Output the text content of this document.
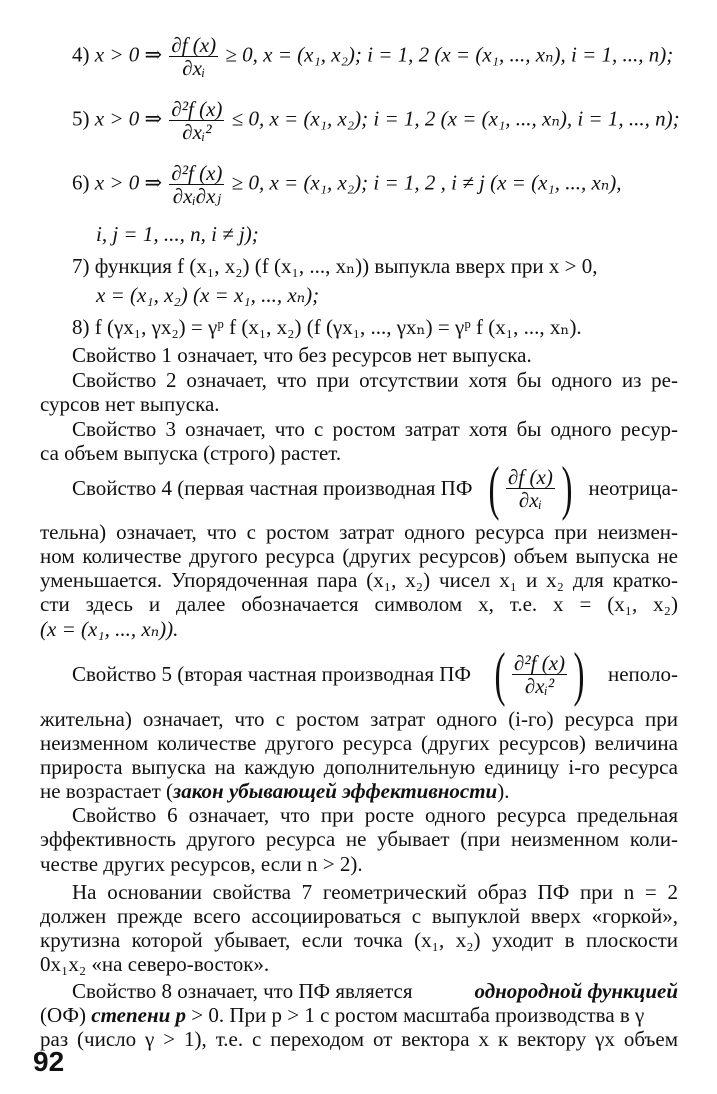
4) x > 0 ⇒ $\frac{\partial f (x)}{\text{∂xᵢ}} \ge 0$, x = (x₁, x₂); i = 1, 2 (x = (x₁, ..., xₙ), i = 1, ..., n);
5) x > 0 ⇒ $\frac{\text{∂²f (x)}}{\text{∂xᵢ²}} \le 0$, x = (x₁, x₂); i = 1, 2 (x = (x₁, ..., xₙ), i = 1, ..., n);
6) x > 0 ⇒ $\frac{\text{∂²f (x)}}{\text{∂xᵢ∂xⱼ}} \ge 0$, x = (x₁, x₂); i = 1, 2 , i ≠ j (x = (x₁, ..., xₙ),
i, j = 1, ..., n, i ≠ j);
7) функция f (x₁, x₂) (f (x₁, ..., xₙ)) выпукла вверх при x > 0,
x = (x₁, x₂) (x = x₁, ..., xₙ);
8) f (γx₁, γx₂) = γᵖ f (x₁, x₂) (f (γx₁, ..., γxₙ) = γᵖ f (x₁, ..., xₙ).
Свойство 1 означает, что без ресурсов нет выпуска.
Свойство 2 означает, что при отсутствии хотя бы одного из ре-
сурсов нет выпуска.
Свойство 3 означает, что с ростом затрат хотя бы одного ресур-
са объем выпуска (строго) растет.
Свойство 4 (первая частная производная ПФ ( $\frac{\partial f (x)}{\text{∂xᵢ}}$ ) неотрица-
тельна) означает, что с ростом затрат одного ресурса при неизмен-
ном количестве другого ресурса (других ресурсов) объем выпуска не
уменьшается. Упорядоченная пара (x₁, x₂) чисел x₁ и x₂ для кратко-
сти здесь и далее обозначается символом x, т.е. x = (x₁, x₂)
(x = (x₁, ..., xₙ)).
Свойство 5 (вторая частная производная ПФ ( $\frac{\text{∂²f (x)}}{\text{∂xᵢ²}}$ ) неполо-
жительна) означает, что с ростом затрат одного (i-го) ресурса при
неизменном количестве другого ресурса (других ресурсов) величина
прироста выпуска на каждую дополнительную единицу i-го ресурса
не возрастает (закон убывающей эффективности).
Свойство 6 означает, что при росте одного ресурса предельная
эффективность другого ресурса не убывает (при неизменном коли-
честве других ресурсов, если n > 2).
На основании свойства 7 геометрический образ ПФ при n = 2
должен прежде всего ассоциироваться с выпуклой вверх «горкой»,
крутизна которой убывает, если точка (x₁, x₂) уходит в плоскости
0x₁x₂ «на северо-восток».
Свойство 8 означает, что ПФ является	однородной функцией
(ОФ) степени p > 0. При p > 1 с ростом масштаба производства в γ
раз (число γ > 1), т.е. с переходом от вектора x к вектору γx объем
92
